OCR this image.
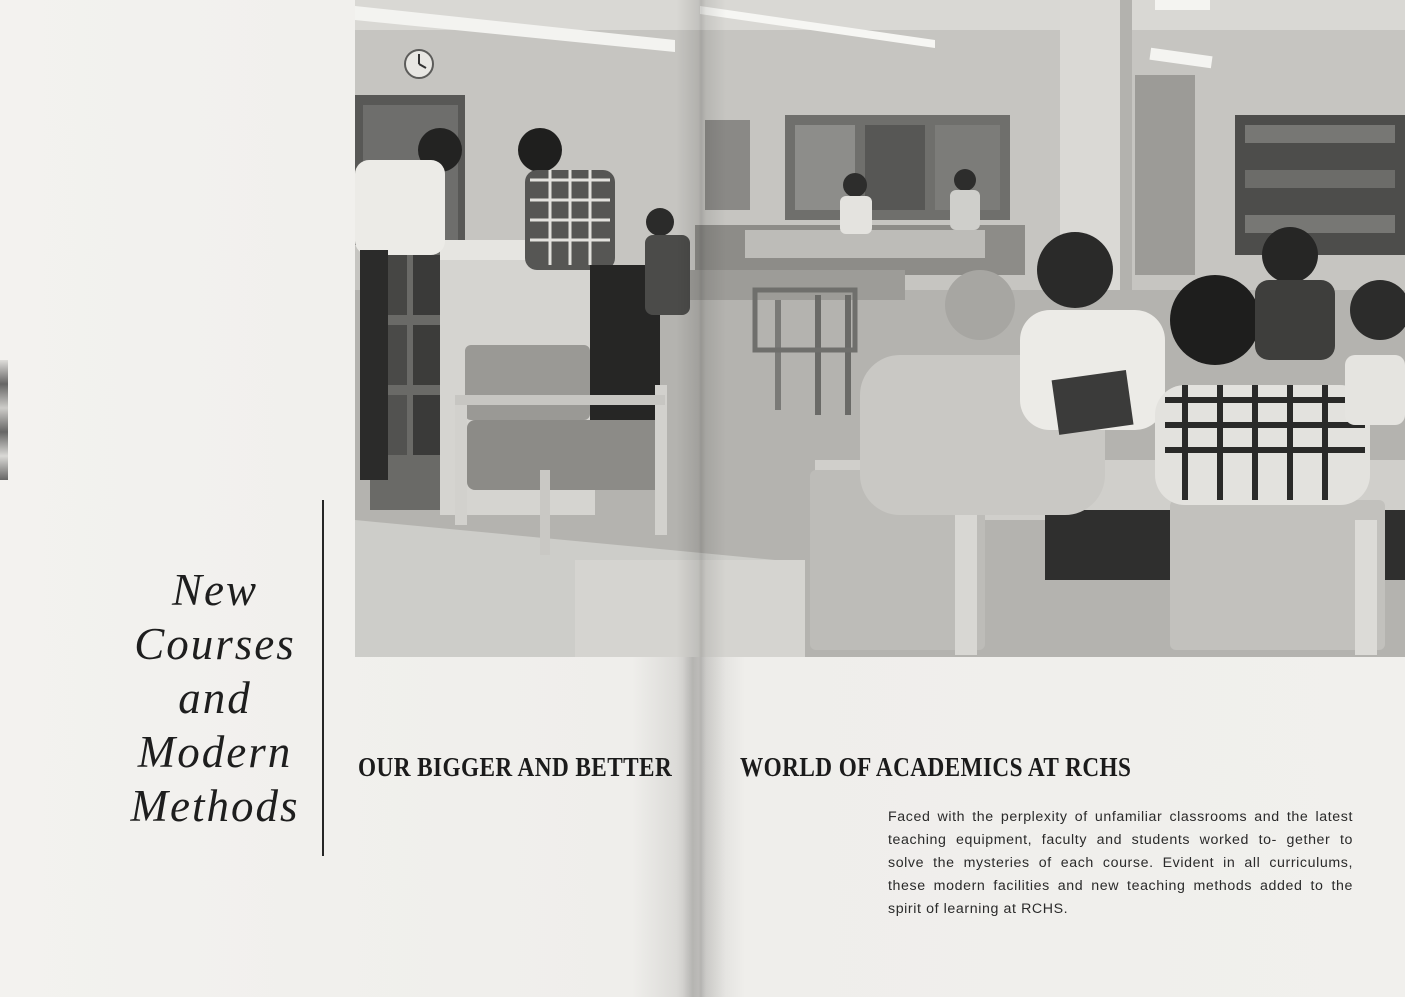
New
Courses
and
Modern
Methods
OUR BIGGER AND BETTER	WORLD OF ACADEMICS AT RCHS

Faced with the perplexity of unfamiliar classrooms and the latest teaching equipment, faculty and students worked to- gether to solve the mysteries of each course. Evident in all curriculums, these modern facilities and new teaching methods added to the spirit of learning at RCHS.
